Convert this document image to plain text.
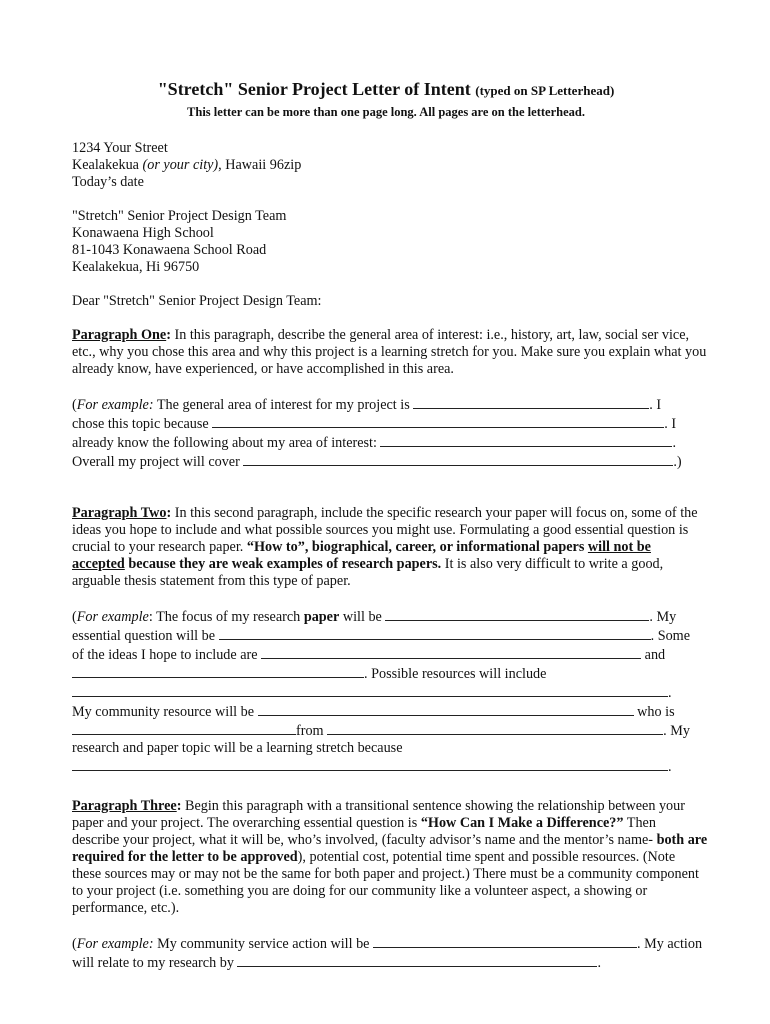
"Stretch" Senior Project Letter of Intent (typed on SP Letterhead)
This letter can be more than one page long. All pages are on the letterhead.
1234 Your Street
Kealakekua (or your city), Hawaii 96zip
Today’s date
"Stretch" Senior Project Design Team
Konawaena High School
81-1043 Konawaena School Road
Kealakekua, Hi 96750
Dear "Stretch" Senior Project Design Team:
Paragraph One: In this paragraph, describe the general area of interest: i.e., history, art, law, social ser vice,
etc., why you chose this area and why this project is a learning stretch for you. Make sure you explain what you
already know, have experienced, or have accomplished in this area.
(For example: The general area of interest for my project is	. I
chose this topic because	. I
already know the following about my area of interest:	.
Overall my project will cover	.)
Paragraph Two: In this second paragraph, include the specific research your paper will focus on, some of the
ideas you hope to include and what possible sources you might use. Formulating a good essential question is
crucial to your research paper. “How to”, biographical, career, or informational papers will not be
accepted because they are weak examples of research papers. It is also very difficult to write a good,
arguable thesis statement from this type of paper.
(For example: The focus of my research paper will be	. My
essential question will be	. Some
of the ideas I hope to include are	and
. Possible resources will include
.
My community resource will be	who is
from	. My
research and paper topic will be a learning stretch because
.
Paragraph Three: Begin this paragraph with a transitional sentence showing the relationship between your
paper and your project. The overarching essential question is “How Can I Make a Difference?” Then
describe your project, what it will be, who’s involved, (faculty advisor’s name and the mentor’s name- both are
required for the letter to be approved), potential cost, potential time spent and possible resources. (Note
these sources may or may not be the same for both paper and project.) There must be a community component
to your project (i.e. something you are doing for our community like a volunteer aspect, a showing or
performance, etc.).
(For example: My community service action will be	. My action
will relate to my research by	.
